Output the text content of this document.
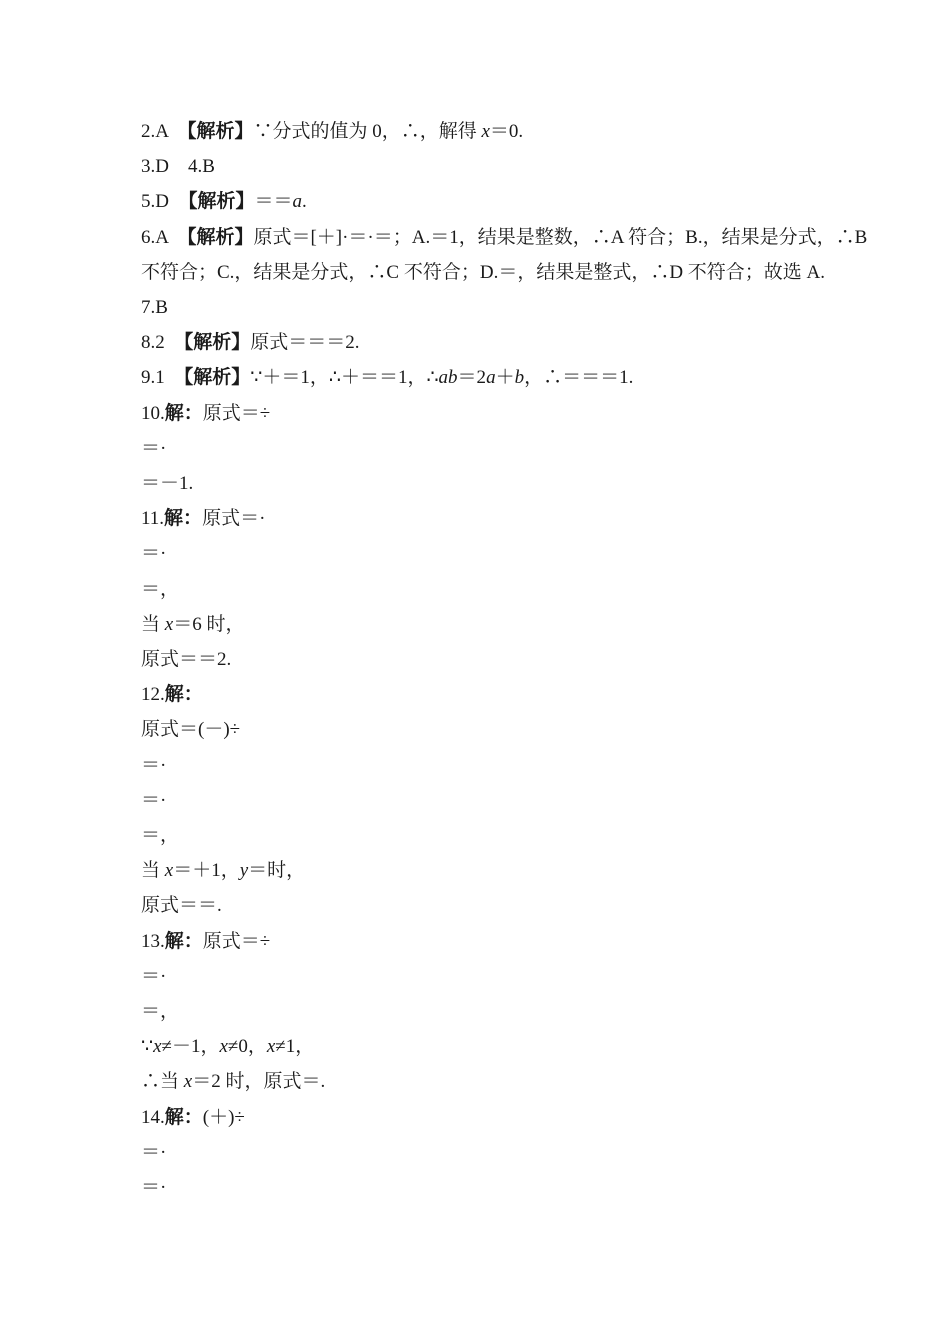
2.A　【解析】∵分式的值为 0，∴，解得 x＝0.

3.D　4.B

5.D　【解析】＝＝a.

6.A　【解析】原式＝[＋]·＝·＝；A.＝1，结果是整数，∴A 符合；B.，结果是分式，∴B

不符合；C.，结果是分式，∴C 不符合；D.＝，结果是整式，∴D 不符合；故选 A.

7.B

8.2　【解析】原式＝＝＝2.

9.1　【解析】∵＋＝1，∴＋＝＝1，∴ab＝2a＋b，∴＝＝＝1.

10.解：原式＝÷

＝·

＝－1.

11.解：原式＝·

＝·

＝，

当 x＝6 时，

原式＝＝2.

12.解：

原式＝(－)÷

＝·

＝·

＝，

当 x＝＋1，y＝时，

原式＝＝.

13.解：原式＝÷

＝·

＝，

∵x≠－1，x≠0，x≠1，

∴当 x＝2 时，原式＝.

14.解：(＋)÷

＝·

＝·
